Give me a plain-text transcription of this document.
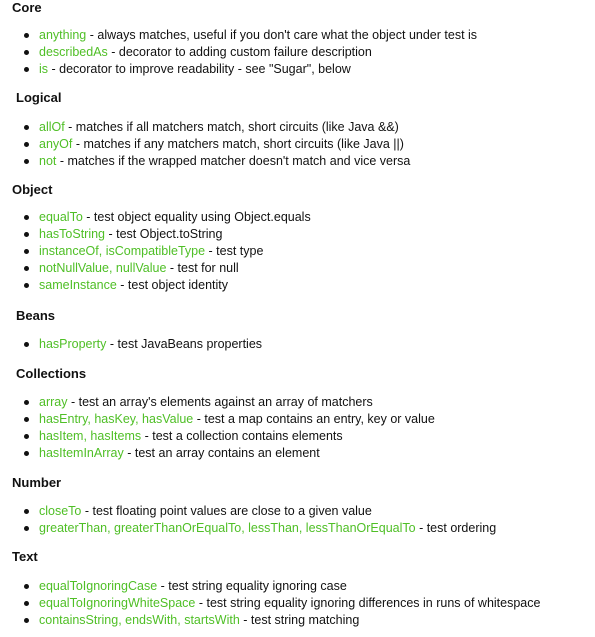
Core
anything - always matches, useful if you don't care what the object under test is
describedAs - decorator to adding custom failure description
is - decorator to improve readability - see "Sugar", below
Logical
allOf - matches if all matchers match, short circuits (like Java &&)
anyOf - matches if any matchers match, short circuits (like Java ||)
not - matches if the wrapped matcher doesn't match and vice versa
Object
equalTo - test object equality using Object.equals
hasToString - test Object.toString
instanceOf, isCompatibleType - test type
notNullValue, nullValue - test for null
sameInstance - test object identity
Beans
hasProperty - test JavaBeans properties
Collections
array - test an array's elements against an array of matchers
hasEntry, hasKey, hasValue - test a map contains an entry, key or value
hasItem, hasItems - test a collection contains elements
hasItemInArray - test an array contains an element
Number
closeTo - test floating point values are close to a given value
greaterThan, greaterThanOrEqualTo, lessThan, lessThanOrEqualTo - test ordering
Text
equalToIgnoringCase - test string equality ignoring case
equalToIgnoringWhiteSpace - test string equality ignoring differences in runs of whitespace
containsString, endsWith, startsWith - test string matching
